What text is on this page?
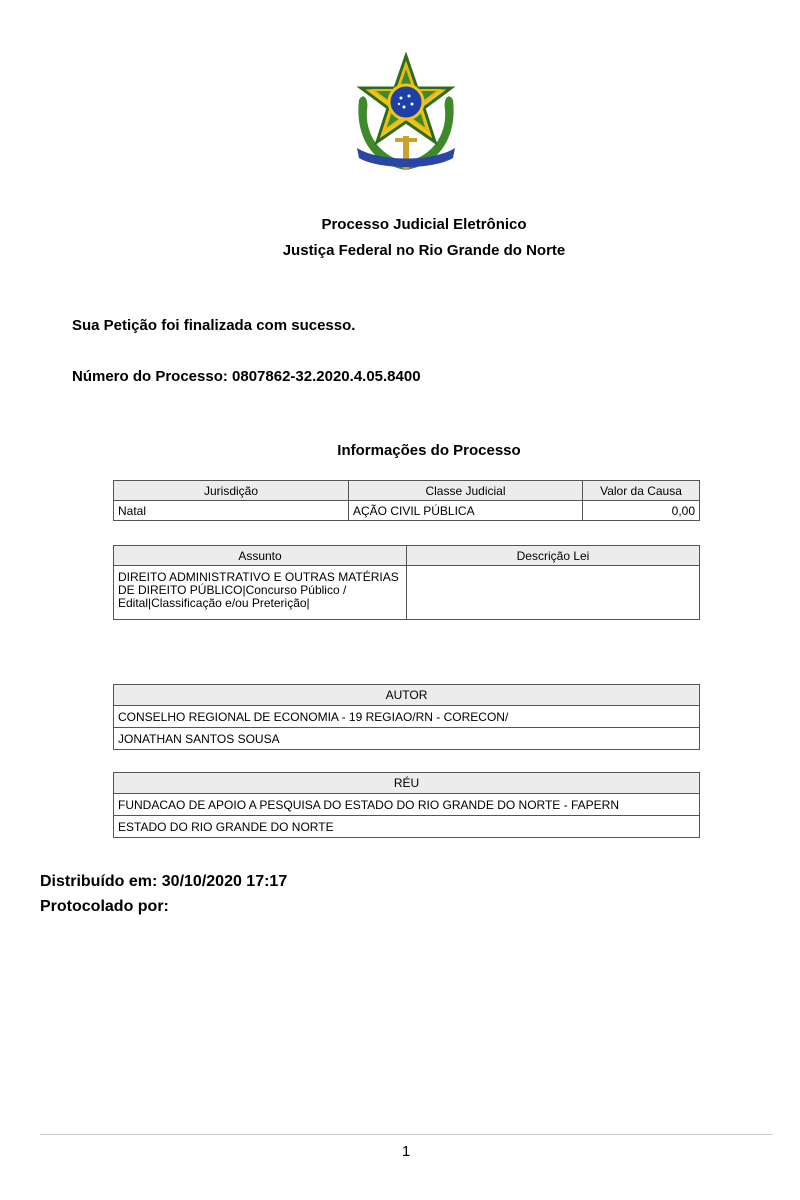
Processo Judicial Eletrônico
Justiça Federal no Rio Grande do Norte
Sua Petição foi finalizada com sucesso.
Número do Processo: 0807862-32.2020.4.05.8400
Informações do Processo
Jurisdição	Classe Judicial	Valor da Causa
Natal	AÇÃO CIVIL PÚBLICA	0,00
Assunto	Descrição Lei
DIREITO ADMINISTRATIVO E OUTRAS MATÉRIAS DE DIREITO PÚBLICO|Concurso Público / Edital|Classificação e/ou Preterição|	
AUTOR
CONSELHO REGIONAL DE ECONOMIA - 19 REGIAO/RN - CORECON/
JONATHAN SANTOS SOUSA
RÉU
FUNDACAO DE APOIO A PESQUISA DO ESTADO DO RIO GRANDE DO NORTE - FAPERN
ESTADO DO RIO GRANDE DO NORTE
Distribuído em: 30/10/2020 17:17
Protocolado por:
1
